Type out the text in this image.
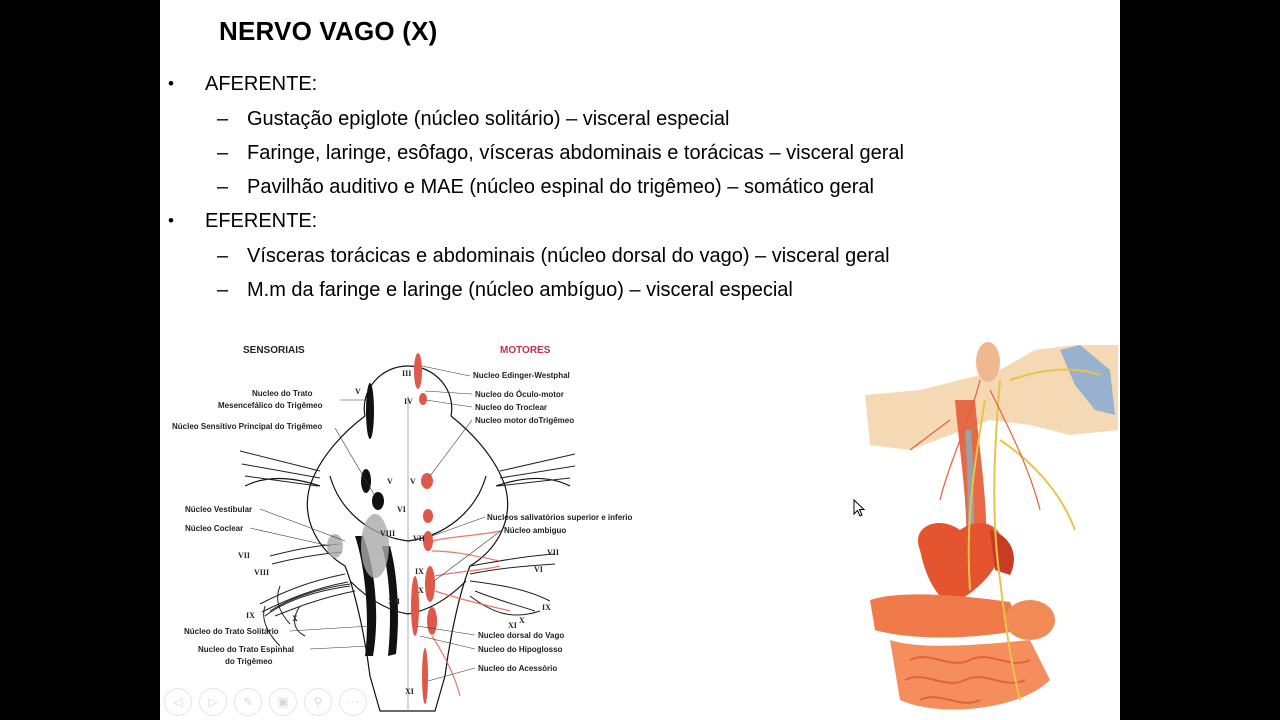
NERVO VAGO (X)
• AFERENTE:
– Gustação epiglote (núcleo solitário) – visceral especial
– Faringe, laringe, esôfago, vísceras abdominais e torácicas – visceral geral
– Pavilhão auditivo e MAE (núcleo espinal do trigêmeo) – somático geral
• EFERENTE:
– Vísceras torácicas e abdominais (núcleo dorsal do vago) – visceral geral
– M.m da faringe e laringe (núcleo ambíguo) – visceral especial
SENSORIAIS	MOTORES
III
IV
V
V V
VI
VII
VII
VIII
VIII	IX
IX
X
X
XI
XII
VII
VI
IX
X
XI
Nucleo do Trato
Mesencefálico do Trigêmeo
Núcleo Sensitivo Principal do Trigêmeo
Núcleo Vestibular
Núcleo Coclear
Núcleo do Trato Solitário
Nucleo do Trato Espinhal
do Trigêmeo
Nucleo Edinger-Westphal
Nucleo do Óculo-motor
Nucleo do Troclear
Nucleo motor doTrigêmeo
Nucleos salivatórios superior e inferio
Núcleo ambiguo
Nucleo dorsal do Vago
Nucleo do Hipoglosso
Nucleo do Acessório
◁	▷	✎	▣	⚲	⋯
